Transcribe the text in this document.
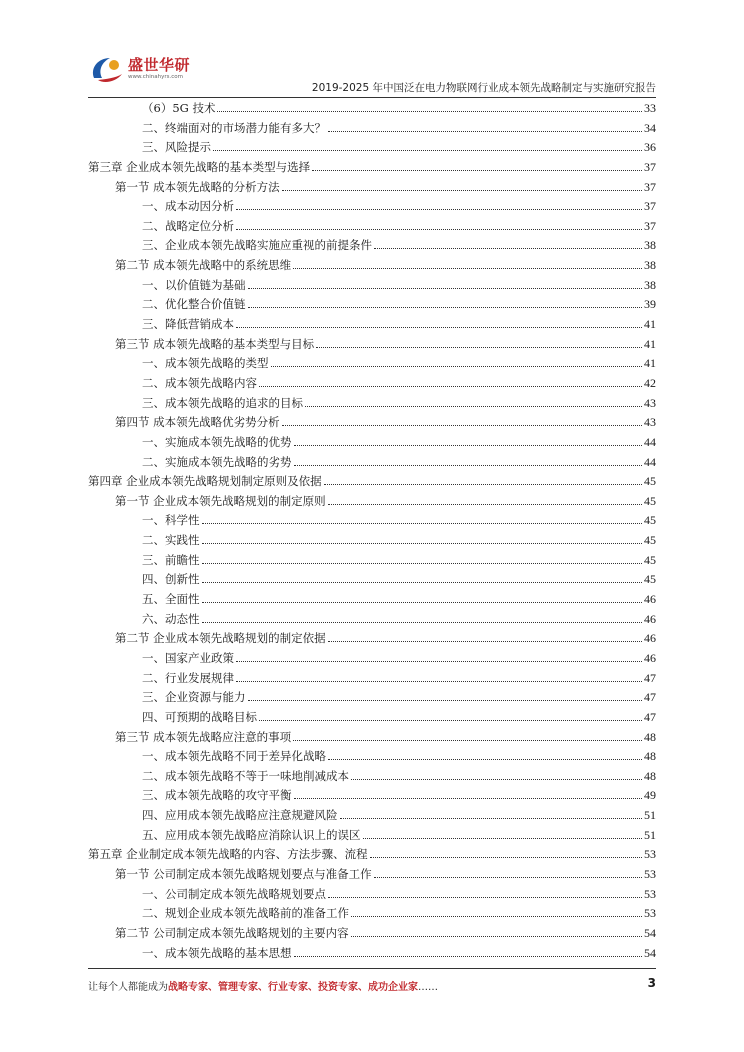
盛世华研
www.chinahyrs.com
2019-2025 年中国泛在电力物联网行业成本领先战略制定与实施研究报告
（6）5G 技术	33
二、终端面对的市场潜力能有多大？	34
三、风险提示	36
第三章 企业成本领先战略的基本类型与选择	37
第一节 成本领先战略的分析方法	37
一、成本动因分析	37
二、战略定位分析	37
三、企业成本领先战略实施应重视的前提条件	38
第二节 成本领先战略中的系统思维	38
一、以价值链为基础	38
二、优化整合价值链	39
三、降低营销成本	41
第三节 成本领先战略的基本类型与目标	41
一、成本领先战略的类型	41
二、成本领先战略内容	42
三、成本领先战略的追求的目标	43
第四节 成本领先战略优劣势分析	43
一、实施成本领先战略的优势	44
二、实施成本领先战略的劣势	44
第四章 企业成本领先战略规划制定原则及依据	45
第一节 企业成本领先战略规划的制定原则	45
一、科学性	45
二、实践性	45
三、前瞻性	45
四、创新性	45
五、全面性	46
六、动态性	46
第二节 企业成本领先战略规划的制定依据	46
一、国家产业政策	46
二、行业发展规律	47
三、企业资源与能力	47
四、可预期的战略目标	47
第三节 成本领先战略应注意的事项	48
一、成本领先战略不同于差异化战略	48
二、成本领先战略不等于一味地削减成本	48
三、成本领先战略的攻守平衡	49
四、应用成本领先战略应注意规避风险	51
五、应用成本领先战略应消除认识上的误区	51
第五章 企业制定成本领先战略的内容、方法步骤、流程	53
第一节 公司制定成本领先战略规划要点与准备工作	53
一、公司制定成本领先战略规划要点	53
二、规划企业成本领先战略前的准备工作	53
第二节 公司制定成本领先战略规划的主要内容	54
一、成本领先战略的基本思想	54
让每个人都能成为战略专家、管理专家、行业专家、投资专家、成功企业家……	3
